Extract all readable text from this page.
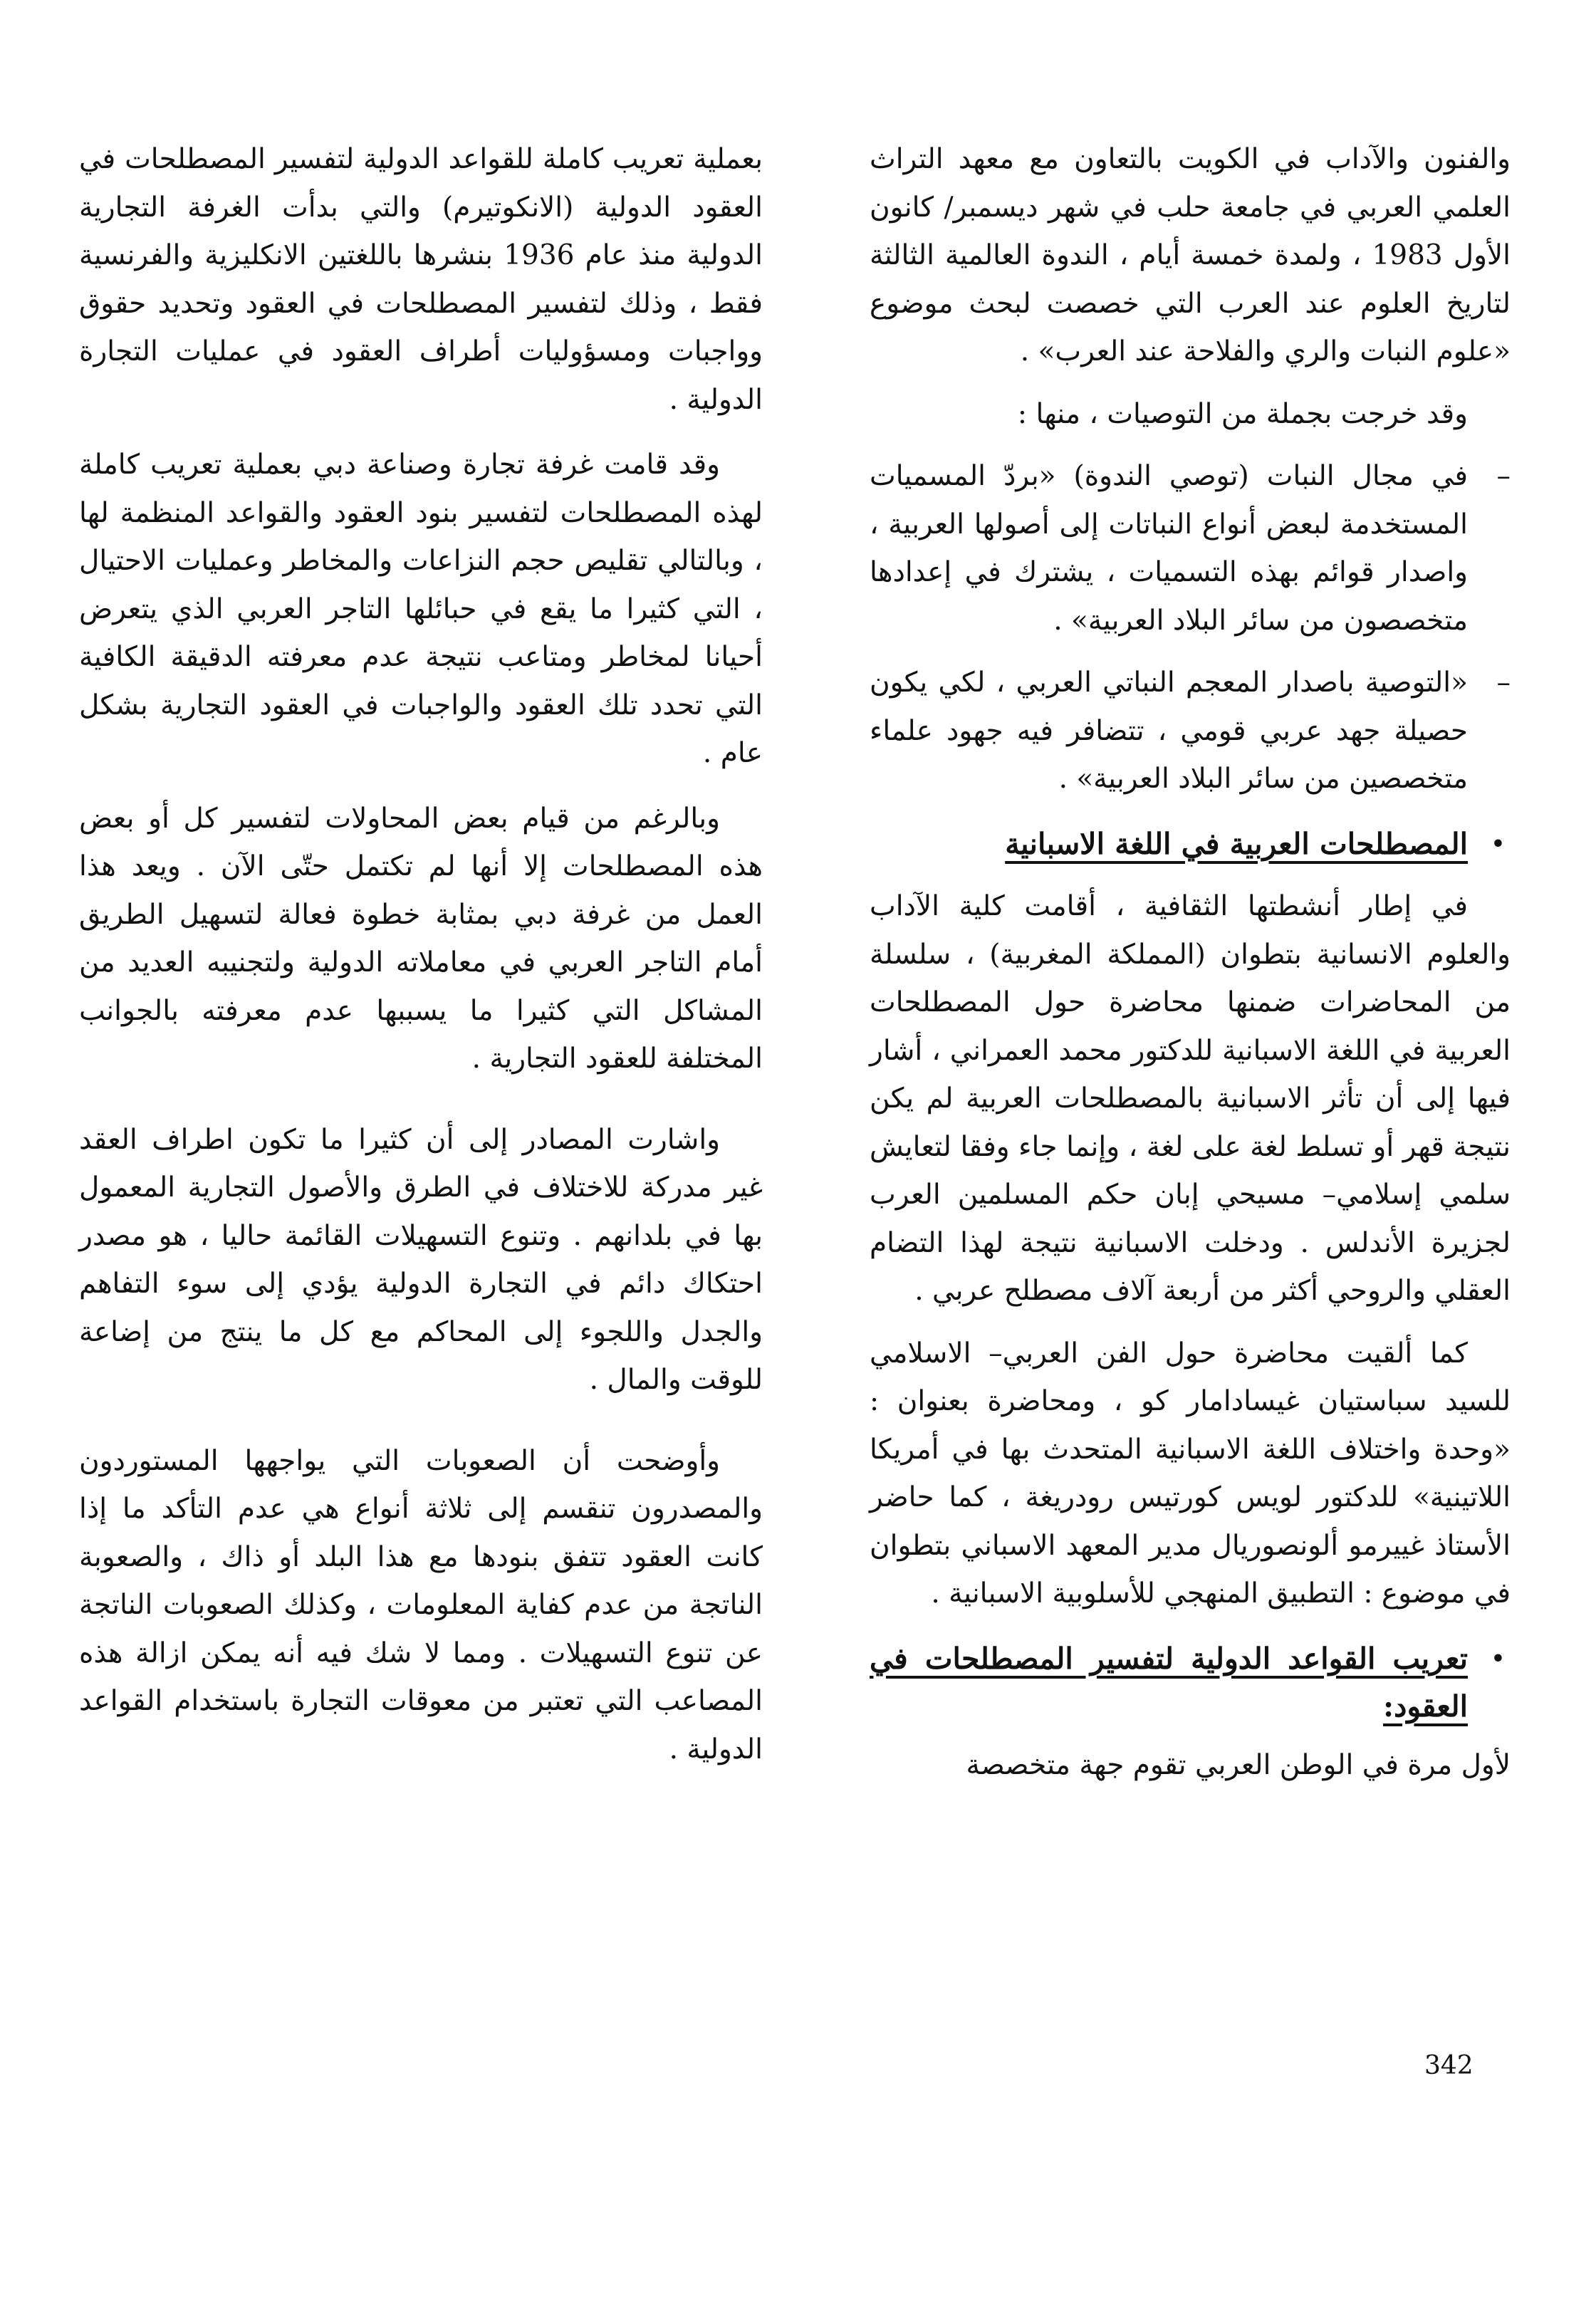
والفنون والآداب في الكويت بالتعاون مع معهد التراث العلمي العربي في جامعة حلب في شهر ديسمبر/ كانون الأول 1983 ، ولمدة خمسة أيام ، الندوة العالمية الثالثة لتاريخ العلوم عند العرب التي خصصت لبحث موضوع «علوم النبات والري والفلاحة عند العرب» .

وقد خرجت بجملة من التوصيات ، منها :

–

في مجال النبات (توصي الندوة) «بردّ المسميات المستخدمة لبعض أنواع النباتات إلى أصولها العربية ، واصدار قوائم بهذه التسميات ، يشترك في إعدادها متخصصون من سائر البلاد العربية» .

–

«التوصية باصدار المعجم النباتي العربي ، لكي يكون حصيلة جهد عربي قومي ، تتضافر فيه جهود علماء متخصصين من سائر البلاد العربية» .

•
المصطلحات العربية في اللغة الاسبانية

في إطار أنشطتها الثقافية ، أقامت كلية الآداب والعلوم الانسانية بتطوان (المملكة المغربية) ، سلسلة من المحاضرات ضمنها محاضرة حول المصطلحات العربية في اللغة الاسبانية للدكتور محمد العمراني ، أشار فيها إلى أن تأثر الاسبانية بالمصطلحات العربية لم يكن نتيجة قهر أو تسلط لغة على لغة ، وإنما جاء وفقا لتعايش سلمي إسلامي– مسيحي إبان حكم المسلمين العرب لجزيرة الأندلس . ودخلت الاسبانية نتيجة لهذا التضام العقلي والروحي أكثر من أربعة آلاف مصطلح عربي .

كما ألقيت محاضرة حول الفن العربي– الاسلامي للسيد سباستيان غيسادامار كو ، ومحاضرة بعنوان : «وحدة واختلاف اللغة الاسبانية المتحدث بها في أمريكا اللاتينية» للدكتور لويس كورتيس رودريغة ، كما حاضر الأستاذ غييرمو ألونصوريال مدير المعهد الاسباني بتطوان في موضوع : التطبيق المنهجي للأسلوبية الاسبانية .

•
تعريب القواعد الدولية لتفسير المصطلحات في العقود:

لأول مرة في الوطن العربي تقوم جهة متخصصة

بعملية تعريب كاملة للقواعد الدولية لتفسير المصطلحات في العقود الدولية (الانكوتيرم) والتي بدأت الغرفة التجارية الدولية منذ عام 1936 بنشرها باللغتين الانكليزية والفرنسية فقط ، وذلك لتفسير المصطلحات في العقود وتحديد حقوق وواجبات ومسؤوليات أطراف العقود في عمليات التجارة الدولية .

وقد قامت غرفة تجارة وصناعة دبي بعملية تعريب كاملة لهذه المصطلحات لتفسير بنود العقود والقواعد المنظمة لها ، وبالتالي تقليص حجم النزاعات والمخاطر وعمليات الاحتيال ، التي كثيرا ما يقع في حبائلها التاجر العربي الذي يتعرض أحيانا لمخاطر ومتاعب نتيجة عدم معرفته الدقيقة الكافية التي تحدد تلك العقود والواجبات في العقود التجارية بشكل عام .

وبالرغم من قيام بعض المحاولات لتفسير كل أو بعض هذه المصطلحات إلا أنها لم تكتمل حتّى الآن . ويعد هذا العمل من غرفة دبي بمثابة خطوة فعالة لتسهيل الطريق أمام التاجر العربي في معاملاته الدولية ولتجنيبه العديد من المشاكل التي كثيرا ما يسببها عدم معرفته بالجوانب المختلفة للعقود التجارية .

واشارت المصادر إلى أن كثيرا ما تكون اطراف العقد غير مدركة للاختلاف في الطرق والأصول التجارية المعمول بها في بلدانهم . وتنوع التسهيلات القائمة حاليا ، هو مصدر احتكاك دائم في التجارة الدولية يؤدي إلى سوء التفاهم والجدل واللجوء إلى المحاكم مع كل ما ينتج من إضاعة للوقت والمال .

وأوضحت أن الصعوبات التي يواجهها المستوردون والمصدرون تنقسم إلى ثلاثة أنواع هي عدم التأكد ما إذا كانت العقود تتفق بنودها مع هذا البلد أو ذاك ، والصعوبة الناتجة من عدم كفاية المعلومات ، وكذلك الصعوبات الناتجة عن تنوع التسهيلات . ومما لا شك فيه أنه يمكن ازالة هذه المصاعب التي تعتبر من معوقات التجارة باستخدام القواعد الدولية .

342
